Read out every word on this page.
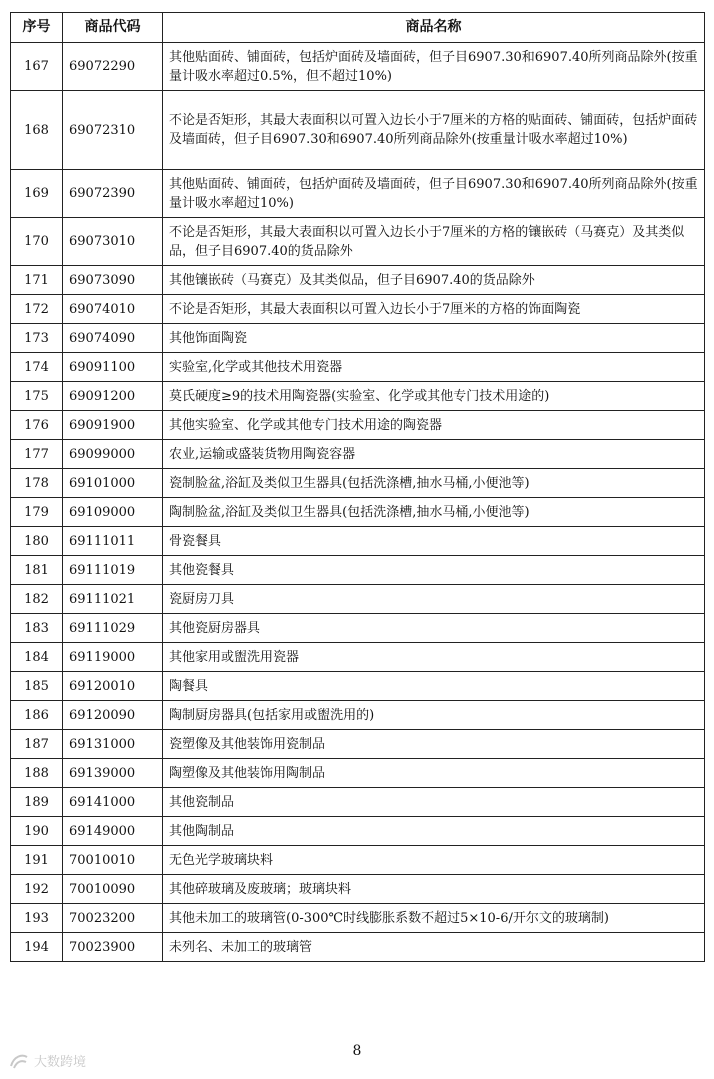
序号	商品代码	商品名称
167	69072290	其他贴面砖、铺面砖，包括炉面砖及墙面砖，但子目6907.30和6907.40所列商品除外(按重量计吸水率超过0.5%，但不超过10%)
168	69072310	不论是否矩形，其最大表面积以可置入边长小于7厘米的方格的贴面砖、铺面砖，包括炉面砖及墙面砖，但子目6907.30和6907.40所列商品除外(按重量计吸水率超过10%)
169	69072390	其他贴面砖、铺面砖，包括炉面砖及墙面砖，但子目6907.30和6907.40所列商品除外(按重量计吸水率超过10%)
170	69073010	不论是否矩形，其最大表面积以可置入边长小于7厘米的方格的镶嵌砖（马赛克）及其类似品，但子目6907.40的货品除外
171	69073090	其他镶嵌砖（马赛克）及其类似品，但子目6907.40的货品除外
172	69074010	不论是否矩形，其最大表面积以可置入边长小于7厘米的方格的饰面陶瓷
173	69074090	其他饰面陶瓷
174	69091100	实验室,化学或其他技术用瓷器
175	69091200	莫氏硬度≥9的技术用陶瓷器(实验室、化学或其他专门技术用途的)
176	69091900	其他实验室、化学或其他专门技术用途的陶瓷器
177	69099000	农业,运输或盛装货物用陶瓷容器
178	69101000	瓷制脸盆,浴缸及类似卫生器具(包括洗涤槽,抽水马桶,小便池等)
179	69109000	陶制脸盆,浴缸及类似卫生器具(包括洗涤槽,抽水马桶,小便池等)
180	69111011	骨瓷餐具
181	69111019	其他瓷餐具
182	69111021	瓷厨房刀具
183	69111029	其他瓷厨房器具
184	69119000	其他家用或盥洗用瓷器
185	69120010	陶餐具
186	69120090	陶制厨房器具(包括家用或盥洗用的)
187	69131000	瓷塑像及其他装饰用瓷制品
188	69139000	陶塑像及其他装饰用陶制品
189	69141000	其他瓷制品
190	69149000	其他陶制品
191	70010010	无色光学玻璃块料
192	70010090	其他碎玻璃及废玻璃；玻璃块料
193	70023200	其他未加工的玻璃管(0-300℃时线膨胀系数不超过5×10-6/开尔文的玻璃制)
194	70023900	未列名、未加工的玻璃管
8
大数跨境
